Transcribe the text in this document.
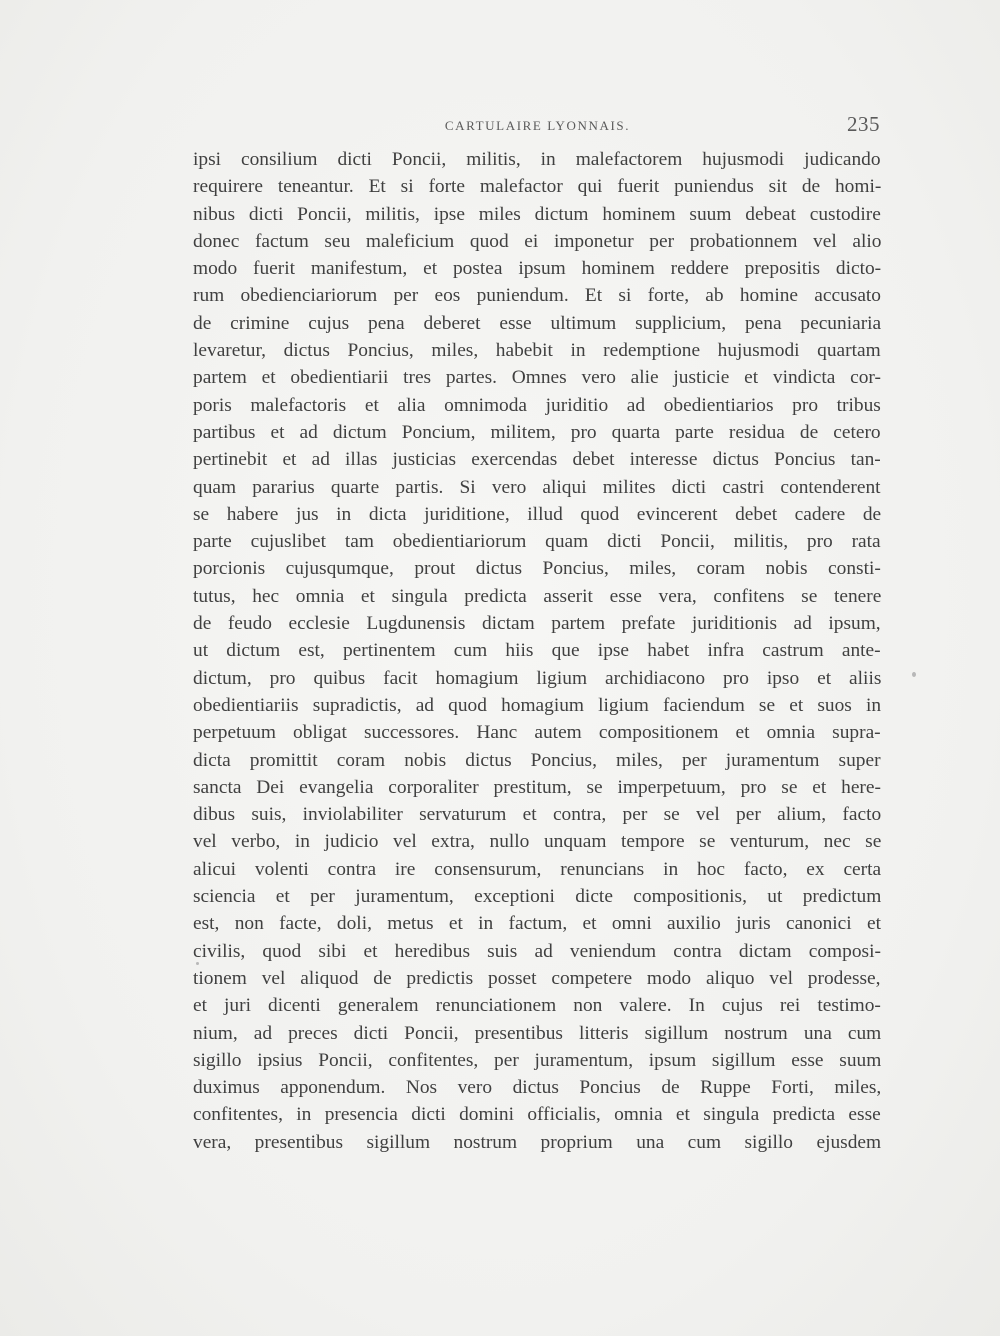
CARTULAIRE LYONNAIS.	235
ipsi consilium dicti Poncii, militis, in malefactorem hujusmodi judicando
requirere teneantur. Et si forte malefactor qui fuerit puniendus sit de homi-
nibus dicti Poncii, militis, ipse miles dictum hominem suum debeat custodire
donec factum seu maleficium quod ei imponetur per probationnem vel alio
modo fuerit manifestum, et postea ipsum hominem reddere prepositis dicto-
rum obedienciariorum per eos puniendum. Et si forte, ab homine accusato
de crimine cujus pena deberet esse ultimum supplicium, pena pecuniaria
levaretur, dictus Poncius, miles, habebit in redemptione hujusmodi quartam
partem et obedientiarii tres partes. Omnes vero alie justicie et vindicta cor-
poris malefactoris et alia omnimoda juriditio ad obedientiarios pro tribus
partibus et ad dictum Poncium, militem, pro quarta parte residua de cetero
pertinebit et ad illas justicias exercendas debet interesse dictus Poncius tan-
quam pararius quarte partis. Si vero aliqui milites dicti castri contenderent
se habere jus in dicta juriditione, illud quod evincerent debet cadere de
parte cujuslibet tam obedientiariorum quam dicti Poncii, militis, pro rata
porcionis cujusqumque, prout dictus Poncius, miles, coram nobis consti-
tutus, hec omnia et singula predicta asserit esse vera, confitens se tenere
de feudo ecclesie Lugdunensis dictam partem prefate juriditionis ad ipsum,
ut dictum est, pertinentem cum hiis que ipse habet infra castrum ante-
dictum, pro quibus facit homagium ligium archidiacono pro ipso et aliis
obedientiariis supradictis, ad quod homagium ligium faciendum se et suos in
perpetuum obligat successores. Hanc autem compositionem et omnia supra-
dicta promittit coram nobis dictus Poncius, miles, per juramentum super
sancta Dei evangelia corporaliter prestitum, se imperpetuum, pro se et here-
dibus suis, inviolabiliter servaturum et contra, per se vel per alium, facto
vel verbo, in judicio vel extra, nullo unquam tempore se venturum, nec se
alicui volenti contra ire consensurum, renuncians in hoc facto, ex certa
sciencia et per juramentum, exceptioni dicte compositionis, ut predictum
est, non facte, doli, metus et in factum, et omni auxilio juris canonici et
civilis, quod sibi et heredibus suis ad veniendum contra dictam composi-
tionem vel aliquod de predictis posset competere modo aliquo vel prodesse,
et juri dicenti generalem renunciationem non valere. In cujus rei testimo-
nium, ad preces dicti Poncii, presentibus litteris sigillum nostrum una cum
sigillo ipsius Poncii, confitentes, per juramentum, ipsum sigillum esse suum
duximus apponendum. Nos vero dictus Poncius de Ruppe Forti, miles,
confitentes, in presencia dicti domini officialis, omnia et singula predicta esse
vera, presentibus sigillum nostrum proprium una cum sigillo ejusdem
